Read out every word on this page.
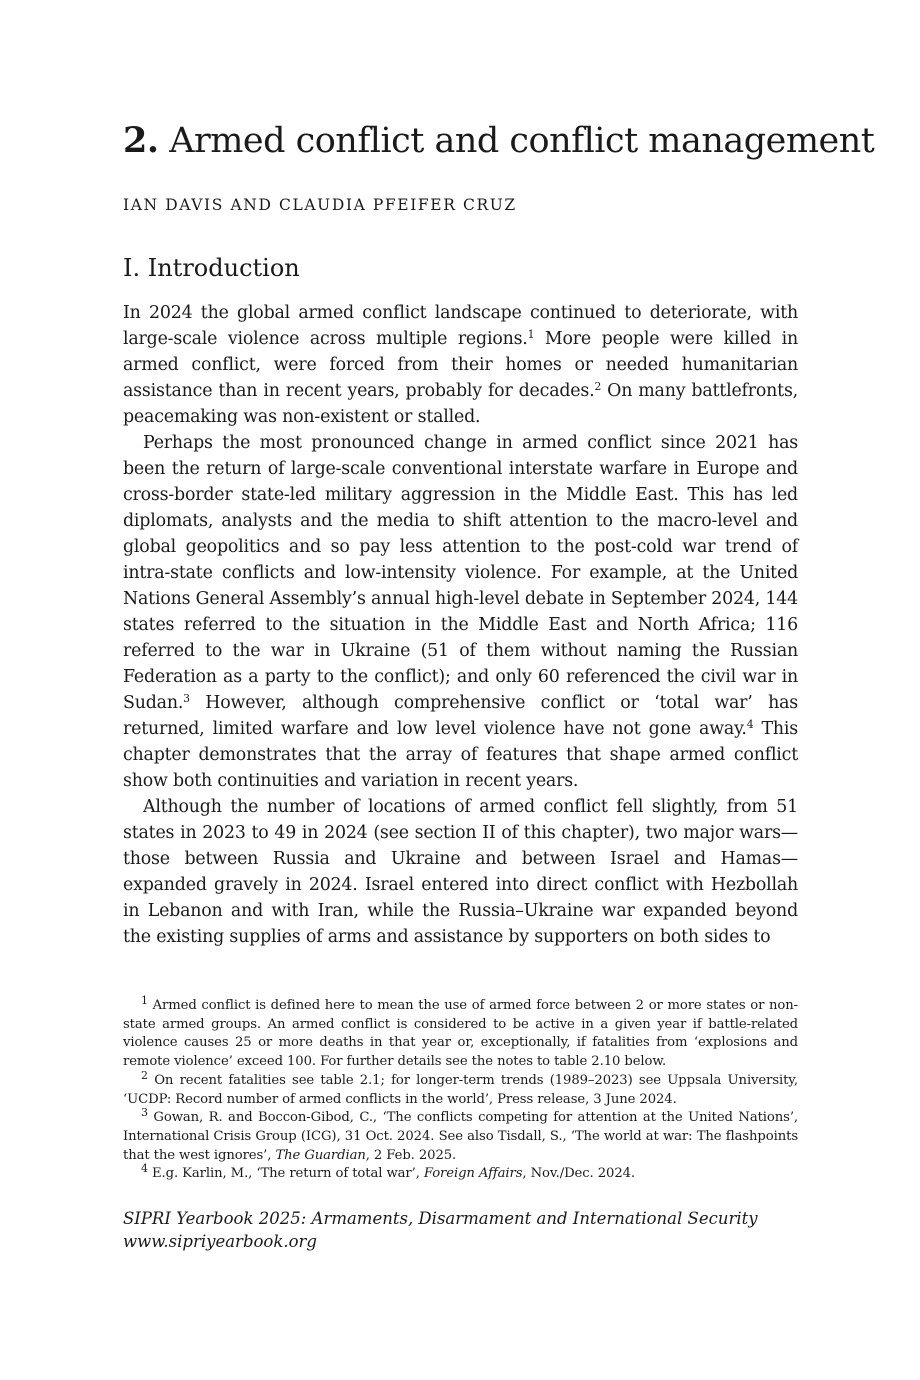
2. Armed conflict and conflict management
IAN DAVIS AND CLAUDIA PFEIFER CRUZ
I. Introduction

In 2024 the global armed conflict landscape continued to deteriorate, with large-scale violence across multiple regions.$^1$ More people were killed in armed conflict, were forced from their homes or needed humanitarian assistance than in recent years, probably for decades.$^2$ On many battlefronts, peacemaking was non-existent or stalled.

Perhaps the most pronounced change in armed conflict since 2021 has been the return of large-scale conventional interstate warfare in Europe and cross-border state-led military aggression in the Middle East. This has led diplomats, analysts and the media to shift attention to the macro-level and global geopolitics and so pay less attention to the post-cold war trend of intra-state conflicts and low-intensity violence. For example, at the United Nations General Assembly’s annual high-level debate in September 2024, 144 states referred to the situation in the Middle East and North Africa; 116 referred to the war in Ukraine (51 of them without naming the Russian Federation as a party to the conflict); and only 60 referenced the civil war in Sudan.$^3$ However, although comprehensive conflict or ‘total war’ has returned, limited warfare and low level violence have not gone away.$^4$ This chapter demonstrates that the array of features that shape armed conflict show both continuities and variation in recent years.

Although the number of locations of armed conflict fell slightly, from 51 states in 2023 to 49 in 2024 (see section II of this chapter), two major wars—those between Russia and Ukraine and between Israel and Hamas—expanded gravely in 2024. Israel entered into direct conflict with Hezbollah in Lebanon and with Iran, while the Russia–Ukraine war expanded beyond the existing supplies of arms and assistance by supporters on both sides to

$^1$ Armed conflict is defined here to mean the use of armed force between 2 or more states or non-state armed groups. An armed conflict is considered to be active in a given year if battle-related violence causes 25 or more deaths in that year or, exceptionally, if fatalities from ‘explosions and remote violence’ exceed 100. For further details see the notes to table 2.10 below.

$^2$ On recent fatalities see table 2.1; for longer-term trends (1989–2023) see Uppsala University, ‘UCDP: Record number of armed conflicts in the world’, Press release, 3 June 2024.

$^3$ Gowan, R. and Boccon-Gibod, C., ‘The conflicts competing for attention at the United Nations’, International Crisis Group (ICG), 31 Oct. 2024. See also Tisdall, S., ‘The world at war: The flashpoints that the west ignores’, The Guardian, 2 Feb. 2025.

$^4$ E.g. Karlin, M., ‘The return of total war’, Foreign Affairs, Nov./Dec. 2024.

SIPRI Yearbook 2025: Armaments, Disarmament and International Security
www.sipriyearbook.org
